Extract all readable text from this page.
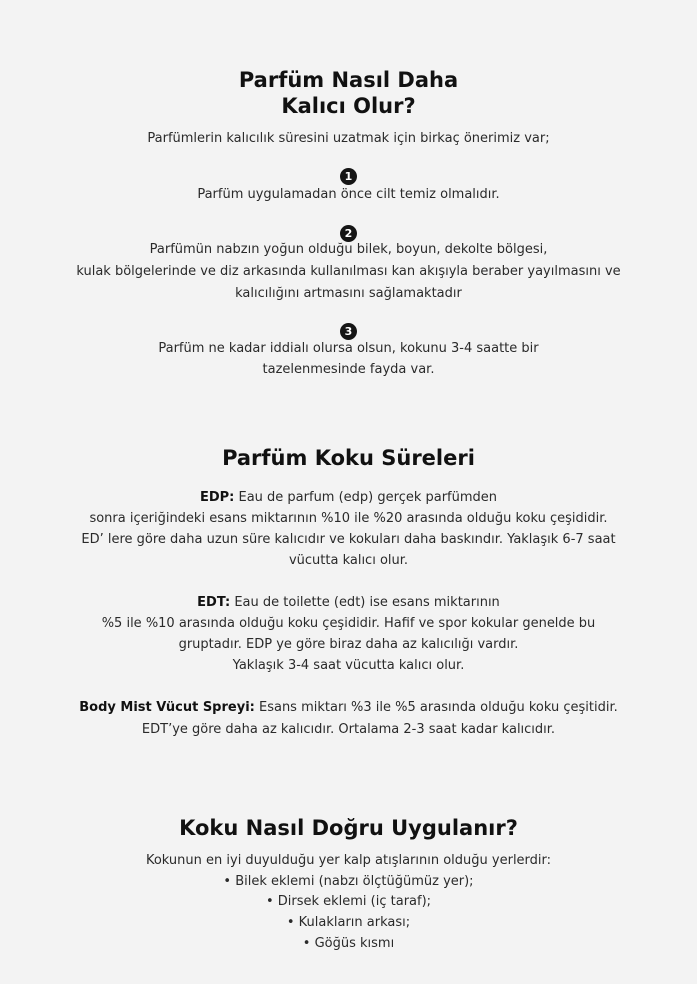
Parfüm Nasıl Daha
Kalıcı Olur?
Parfümlerin kalıcılık süresini uzatmak için birkaç önerimiz var;
1
Parfüm uygulamadan önce cilt temiz olmalıdır.
2
Parfümün nabzın yoğun olduğu bilek, boyun, dekolte bölgesi,
kulak bölgelerinde ve diz arkasında kullanılması kan akışıyla beraber yayılmasını ve
kalıcılığını artmasını sağlamaktadır
3
Parfüm ne kadar iddialı olursa olsun, kokunu 3-4 saatte bir
tazelenmesinde fayda var.
Parfüm Koku Süreleri
EDP: Eau de parfum (edp) gerçek parfümden
sonra içeriğindeki esans miktarının %10 ile %20 arasında olduğu koku çeşididir.
ED’ lere göre daha uzun süre kalıcıdır ve kokuları daha baskındır. Yaklaşık 6-7 saat
vücutta kalıcı olur.
EDT: Eau de toilette (edt) ise esans miktarının
%5 ile %10 arasında olduğu koku çeşididir. Hafif ve spor kokular genelde bu
gruptadır. EDP ye göre biraz daha az kalıcılığı vardır.
Yaklaşık 3-4 saat vücutta kalıcı olur.
Body Mist Vücut Spreyi: Esans miktarı %3 ile %5 arasında olduğu koku çeşitidir.
EDT’ye göre daha az kalıcıdır. Ortalama 2-3 saat kadar kalıcıdır.
Koku Nasıl Doğru Uygulanır?
Kokunun en iyi duyulduğu yer kalp atışlarının olduğu yerlerdir:
• Bilek eklemi (nabzı ölçtüğümüz yer);
• Dirsek eklemi (iç taraf);
• Kulakların arkası;
• Göğüs kısmı
